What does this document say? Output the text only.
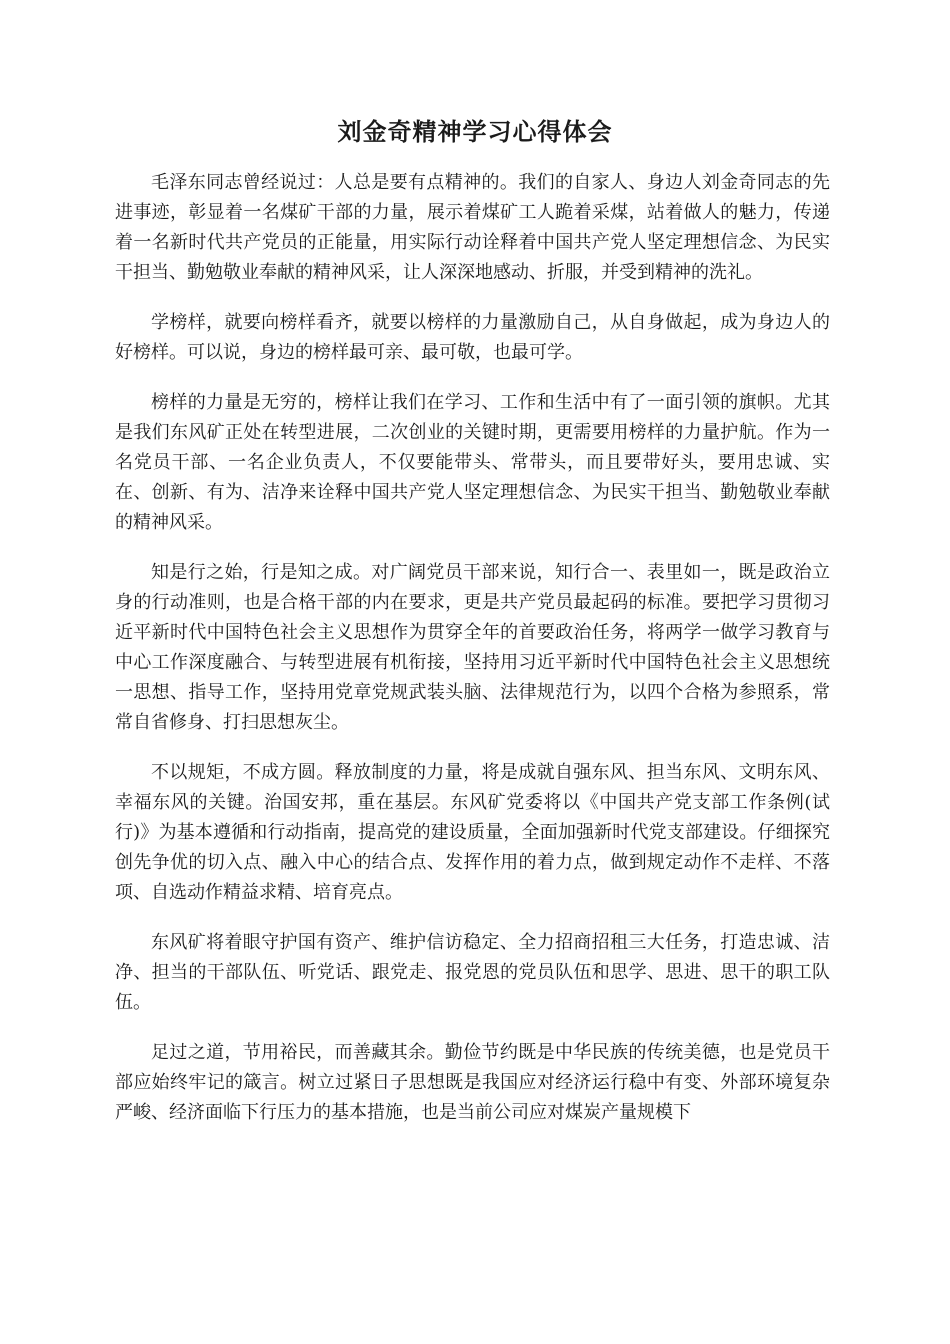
刘金奇精神学习心得体会

毛泽东同志曾经说过：人总是要有点精神的。我们的自家人、身边人刘金奇同志的先进事迹，彰显着一名煤矿干部的力量，展示着煤矿工人跪着采煤，站着做人的魅力，传递着一名新时代共产党员的正能量，用实际行动诠释着中国共产党人坚定理想信念、为民实干担当、勤勉敬业奉献的精神风采，让人深深地感动、折服，并受到精神的洗礼。

学榜样，就要向榜样看齐，就要以榜样的力量激励自己，从自身做起，成为身边人的好榜样。可以说，身边的榜样最可亲、最可敬，也最可学。

榜样的力量是无穷的，榜样让我们在学习、工作和生活中有了一面引领的旗帜。尤其是我们东风矿正处在转型进展，二次创业的关键时期，更需要用榜样的力量护航。作为一名党员干部、一名企业负责人，不仅要能带头、常带头，而且要带好头，要用忠诚、实在、创新、有为、洁净来诠释中国共产党人坚定理想信念、为民实干担当、勤勉敬业奉献的精神风采。

知是行之始，行是知之成。对广阔党员干部来说，知行合一、表里如一，既是政治立身的行动准则，也是合格干部的内在要求，更是共产党员最起码的标准。要把学习贯彻习近平新时代中国特色社会主义思想作为贯穿全年的首要政治任务，将两学一做学习教育与中心工作深度融合、与转型进展有机衔接，坚持用习近平新时代中国特色社会主义思想统一思想、指导工作，坚持用党章党规武装头脑、法律规范行为，以四个合格为参照系，常常自省修身、打扫思想灰尘。

不以规矩，不成方圆。释放制度的力量，将是成就自强东风、担当东风、文明东风、幸福东风的关键。治国安邦，重在基层。东风矿党委将以《中国共产党支部工作条例(试行)》为基本遵循和行动指南，提高党的建设质量，全面加强新时代党支部建设。仔细探究创先争优的切入点、融入中心的结合点、发挥作用的着力点，做到规定动作不走样、不落项、自选动作精益求精、培育亮点。

东风矿将着眼守护国有资产、维护信访稳定、全力招商招租三大任务，打造忠诚、洁净、担当的干部队伍、听党话、跟党走、报党恩的党员队伍和思学、思进、思干的职工队伍。

足过之道，节用裕民，而善藏其余。勤俭节约既是中华民族的传统美德，也是党员干部应始终牢记的箴言。树立过紧日子思想既是我国应对经济运行稳中有变、外部环境复杂严峻、经济面临下行压力的基本措施，也是当前公司应对煤炭产量规模下
